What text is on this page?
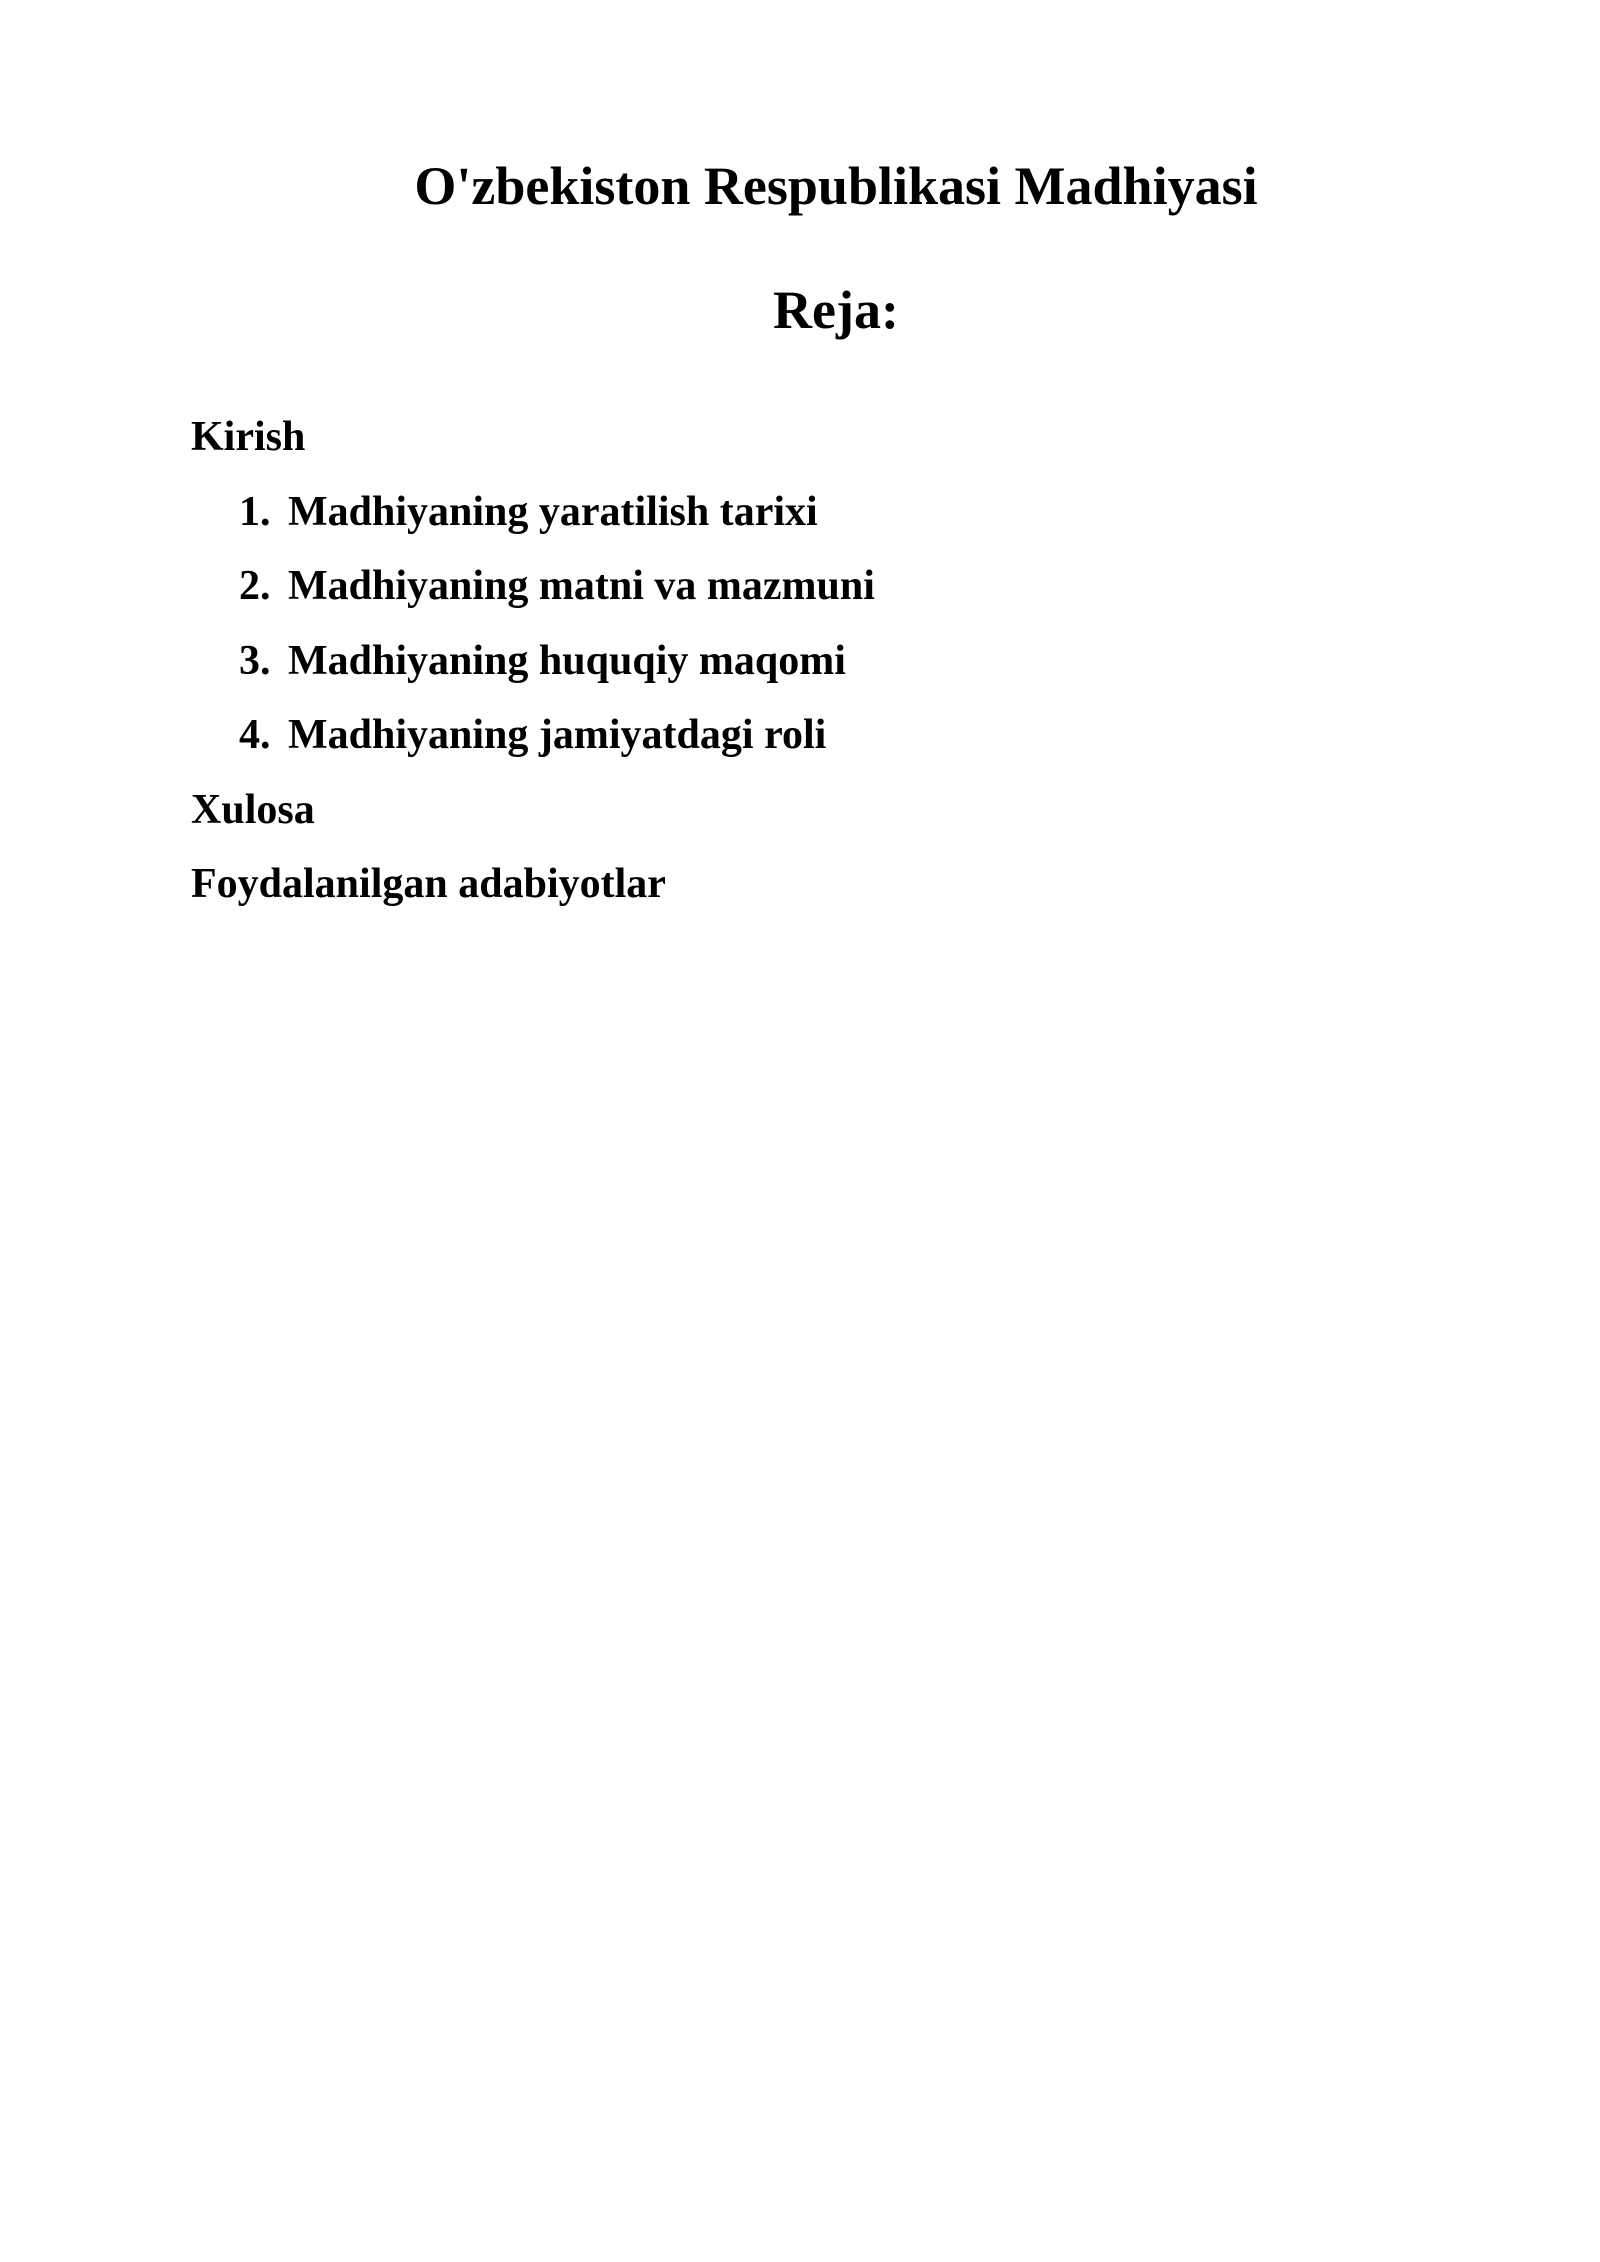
O'zbekiston Respublikasi Madhiyasi
Reja:
Kirish
1. Madhiyaning yaratilish tarixi
2. Madhiyaning matni va mazmuni
3. Madhiyaning huquqiy maqomi
4. Madhiyaning jamiyatdagi roli
Xulosa
Foydalanilgan adabiyotlar
